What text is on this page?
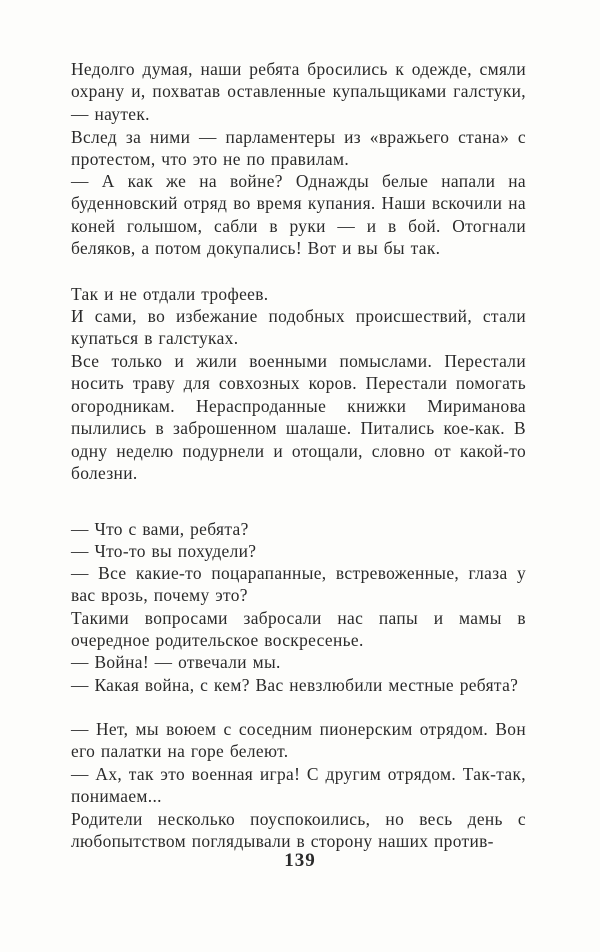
Недолго думая, наши ребята бросились к одежде, смяли охрану и, похватав оставленные купальщиками галстуки,— наутек.

Вслед за ними — парламентеры из «вражьего стана» с протестом, что это не по правилам.

— А как же на войне? Однажды белые напали на буденновский отряд во время купания. Наши вскочили на коней голышом, сабли в руки — и в бой. Отогнали беляков, а потом докупались! Вот и вы бы так.

Так и не отдали трофеев.

И сами, во избежание подобных происшествий, стали купаться в галстуках.

Все только и жили военными помыслами. Перестали носить траву для совхозных коров. Перестали помогать огородникам. Нераспроданные книжки Мириманова пылились в заброшенном шалаше. Питались кое-как. В одну неделю подурнели и отощали, словно от какой-то болезни.

— Что с вами, ребята?

— Что-то вы похудели?

— Все какие-то поцарапанные, встревоженные, глаза у вас врозь, почему это?

Такими вопросами забросали нас папы и мамы в очередное родительское воскресенье.

— Война! — отвечали мы.

— Какая война, с кем? Вас невзлюбили местные ребята?

— Нет, мы воюем с соседним пионерским отрядом. Вон его палатки на горе белеют.

— Ах, так это военная игра! С другим отрядом. Так-так, понимаем...

Родители несколько поуспокоились, но весь день с любопытством поглядывали в сторону наших против-

139
